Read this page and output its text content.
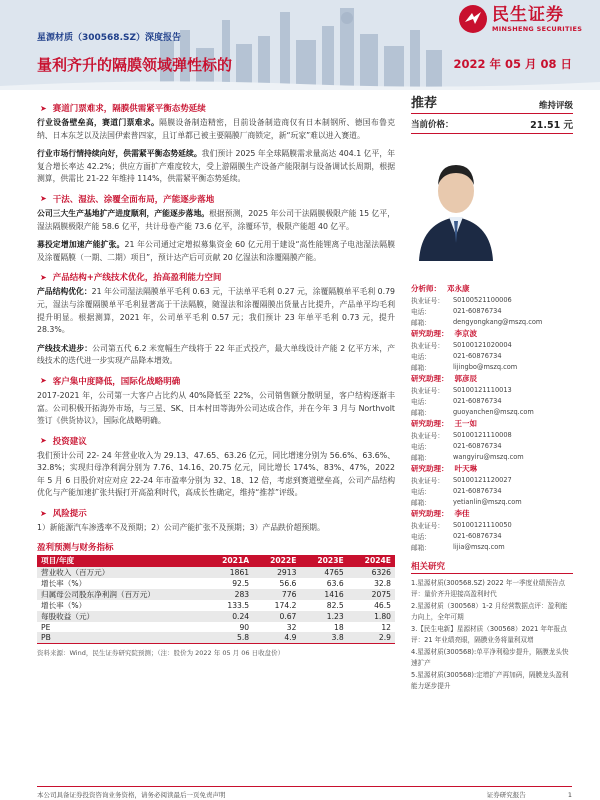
民生证券
MINSHENG SECURITIES
星源材质（300568.SZ）深度报告
量利齐升的隔膜领域弹性标的	2022 年 05 月 08 日
➤ 赛道门票难求，隔膜供需紧平衡态势延续
行业设备壁垒高，赛道门票难求。隔膜设备制造精密，目前设备制造商仅有日本制钢所、德国布鲁克纳、日本东芝以及法国伊索普四家，且订单都已被主要隔膜厂商锁定，新“玩家”难以进入赛道。
行业市场行情持续向好，供需紧平衡态势延续。我们预计 2025 年全球隔膜需求量高达 404.1 亿平，年复合增长率达 42.2%；供应方面扩产难度较大，受上游隔膜生产设备产能限制与设备调试长周期，根据测算，供需比 21-22 年维持 114%，供需紧平衡态势延续。
➤ 干法、湿法、涂覆全面布局，产能逐步落地
公司三大生产基地扩产进度顺利，产能逐步落地。根据预测，2025 年公司干法隔膜极限产能 15 亿平，湿法隔膜极限产能 58.6 亿平，共计母卷产能 73.6 亿平，涂覆环节，极限产能超 40 亿平。
募投定增加速产能扩张。21 年公司通过定增拟募集资金 60 亿元用于建设“高性能锂离子电池湿法隔膜及涂覆隔膜（一期、二期）项目”，预计达产后可贡献 20 亿湿法和涂覆隔膜产能。
➤ 产品结构+产线技术优化，抬高盈利能力空间
产品结构优化：21 年公司湿法隔膜单平毛利 0.63 元，干法单平毛利 0.27 元，涂覆隔膜单平毛利 0.79 元，湿法与涂覆隔膜单平毛利显著高于干法隔膜，随湿法和涂覆隔膜出货量占比提升，产品单平均毛利提升明显。根据测算，2021 年，公司单平毛利 0.57 元；我们预计 23 年单平毛利 0.73 元，提升 28.3%。
产线技术进步：公司第五代 6.2 米宽幅生产线将于 22 年正式投产，最大单线设计产能 2 亿平方米，产线技术的迭代进一步实现产品降本增效。
➤ 客户集中度降低，国际化战略明确
2017-2021 年，公司第一大客户占比约从 40%降低至 22%，公司销售额分散明显，客户结构逐渐丰富。公司积极开拓海外市场，与三星、SK、日本村田等海外公司达成合作，并在今年 3 月与 Northvolt 签订《供货协议》，国际化战略明确。
➤ 投资建议
我们预计公司 22- 24 年营业收入为 29.13、47.65、63.26 亿元，同比增速分别为 56.6%、63.6%、32.8%；实现归母净利润分别为 7.76、14.16、20.75 亿元，同比增长 174%、83%、47%，2022 年 5 月 6 日股价对应对应 22-24 年市盈率分别为 32、18、12 倍，考虑到赛道壁垒高，公司产品结构优化与产能加速扩张共振打开高盈利时代，高成长性确定，维持“推荐”评级。
➤ 风险提示
1）新能源汽车渗透率不及预期；2）公司产能扩张不及预期；3）产品跌价超预期。
盈利预测与财务指标
项目/年度	2021A	2022E	2023E	2024E
营业收入（百万元）	1861	2913	4765	6326
增长率（%）	92.5	56.6	63.6	32.8
归属母公司股东净利润（百万元）	283	776	1416	2075
增长率（%）	133.5	174.2	82.5	46.5
每股收益（元）	0.24	0.67	1.23	1.80
PE	90	32	18	12
PB	5.8	4.9	3.8	2.9
资料来源：Wind，民生证券研究院预测；（注：股价为 2022 年 05 月 06 日收盘价）
推荐	维持评级
当前价格：	21.51 元
分析师： 邓永康
执业证号：	S0100521100006
电话：	021-60876734
邮箱：	dengyongkang@mszq.com
研究助理： 李京波
执业证号：	S0100121020004
电话：	021-60876734
邮箱：	lijingbo@mszq.com
研究助理： 郭彦辰
执业证号：	S0100121110013
电话：	021-60876734
邮箱：	guoyanchen@mszq.com
研究助理： 王一如
执业证号：	S0100121110008
电话：	021-60876734
邮箱：	wangyiru@mszq.com
研究助理： 叶天琳
执业证号：	S0100121120027
电话：	021-60876734
邮箱：	yetianlin@mszq.com
研究助理： 李佳
执业证号：	S0100121110050
电话：	021-60876734
邮箱：	lijia@mszq.com
相关研究
1.星源材质(300568.SZ) 2022 年一季度业绩预告点评：量价齐升迎接高盈利时代
2.星源材质（300568）1-2 月经营数据点评：盈利能力向上，全年可期
3.【民生电新】星源材质（300568）2021 年年报点评：21 年业绩亮眼，隔膜业务将量利双增
4.星源材质(300568):单平净利稳步提升，隔膜龙头快速扩产
5.星源材质(300568):定增扩产再加码，隔膜龙头盈利能力逐步提升
本公司具备证券投资咨询业务资格，请务必阅读最后一页免责声明	证券研究报告	1
